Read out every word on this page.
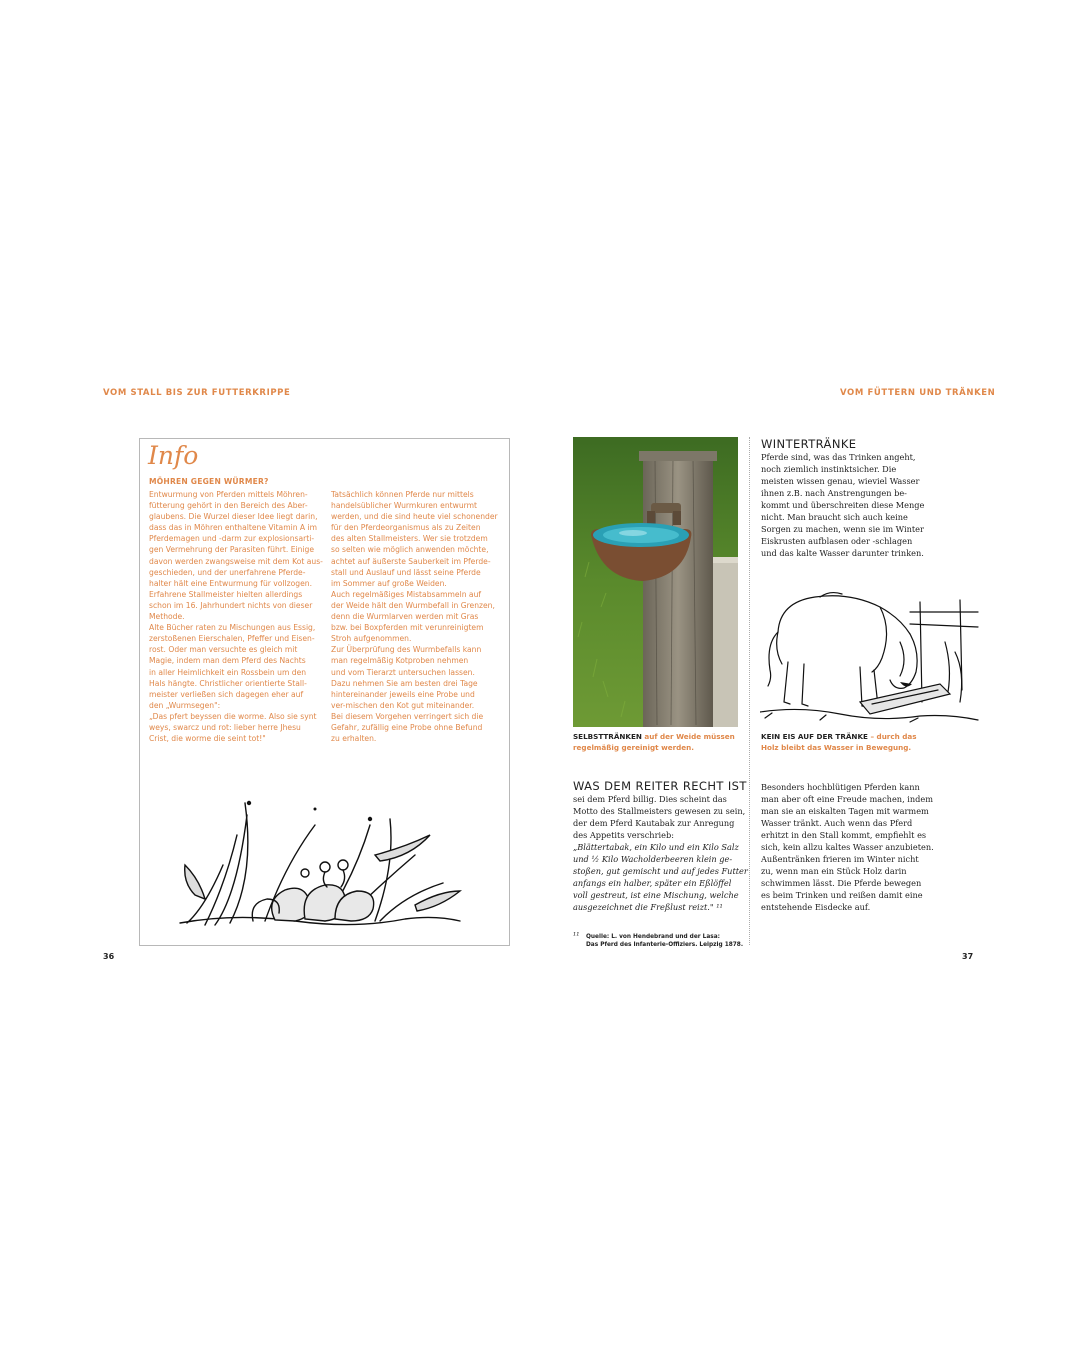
VOM STALL BIS ZUR FUTTERKRIPPE
Info
MÖHREN GEGEN WÜRMER?
Entwurmung von Pferden mittels Möhren-
fütterung gehört in den Bereich des Aber-
glaubens. Die Wurzel dieser Idee liegt darin,
dass das in Möhren enthaltene Vitamin A im
Pferdemagen und -darm zur explosionsarti-
gen Vermehrung der Parasiten führt. Einige
davon werden zwangsweise mit dem Kot aus-
geschieden, und der unerfahrene Pferde-
halter hält eine Entwurmung für vollzogen.
Erfahrene Stallmeister hielten allerdings
schon im 16. Jahrhundert nichts von dieser
Methode.
Alte Bücher raten zu Mischungen aus Essig,
zerstoßenen Eierschalen, Pfeffer und Eisen-
rost. Oder man versuchte es gleich mit
Magie, indem man dem Pferd des Nachts
in aller Heimlichkeit ein Rossbein um den
Hals hängte. Christlicher orientierte Stall-
meister verließen sich dagegen eher auf
den „Wurmsegen":
„Das pfert beyssen die worme. Also sie synt
weys, swarcz und rot: lieber herre Jhesu
Crist, die worme die seint tot!"
Tatsächlich können Pferde nur mittels
handelsüblicher Wurmkuren entwurmt
werden, und die sind heute viel schonender
für den Pferdeorganismus als zu Zeiten
des alten Stallmeisters. Wer sie trotzdem
so selten wie möglich anwenden möchte,
achtet auf äußerste Sauberkeit im Pferde-
stall und Auslauf und lässt seine Pferde
im Sommer auf große Weiden.
Auch regelmäßiges Mistabsammeln auf
der Weide hält den Wurmbefall in Grenzen,
denn die Wurmlarven werden mit Gras
bzw. bei Boxpferden mit verunreinigtem
Stroh aufgenommen.
Zur Überprüfung des Wurmbefalls kann
man regelmäßig Kotproben nehmen
und vom Tierarzt untersuchen lassen.
Dazu nehmen Sie am besten drei Tage
hintereinander jeweils eine Probe und
ver-mischen den Kot gut miteinander.
Bei diesem Vorgehen verringert sich die
Gefahr, zufällig eine Probe ohne Befund
zu erhalten.
36
VOM FÜTTERN UND TRÄNKEN
SELBSTTRÄNKEN auf der Weide müssen
regelmäßig gereinigt werden.
WINTERTRÄNKE
Pferde sind, was das Trinken angeht,
noch ziemlich instinktsicher. Die
meisten wissen genau, wieviel Wasser
ihnen z.B. nach Anstrengungen be-
kommt und überschreiten diese Menge
nicht. Man braucht sich auch keine
Sorgen zu machen, wenn sie im Winter
Eiskrusten aufblasen oder -schlagen
und das kalte Wasser darunter trinken.
KEIN EIS AUF DER TRÄNKE – durch das
Holz bleibt das Wasser in Bewegung.
WAS DEM REITER RECHT IST
sei dem Pferd billig. Dies scheint das
Motto des Stallmeisters gewesen zu sein,
der dem Pferd Kautabak zur Anregung
des Appetits verschrieb:
„Blättertabak, ein Kilo und ein Kilo Salz
und ½ Kilo Wacholderbeeren klein ge-
stoßen, gut gemischt und auf jedes Futter
anfangs ein halber, später ein Eßlöffel
voll gestreut, ist eine Mischung, welche
ausgezeichnet die Freßlust reizt." ¹¹
¹¹ Quelle: L. von Hendebrand und der Lasa:
Das Pferd des Infanterie-Offiziers. Leipzig 1878.
Besonders hochblütigen Pferden kann
man aber oft eine Freude machen, indem
man sie an eiskalten Tagen mit warmem
Wasser tränkt. Auch wenn das Pferd
erhitzt in den Stall kommt, empfiehlt es
sich, kein allzu kaltes Wasser anzubieten.
Außentränken frieren im Winter nicht
zu, wenn man ein Stück Holz darin
schwimmen lässt. Die Pferde bewegen
es beim Trinken und reißen damit eine
entstehende Eisdecke auf.
37
